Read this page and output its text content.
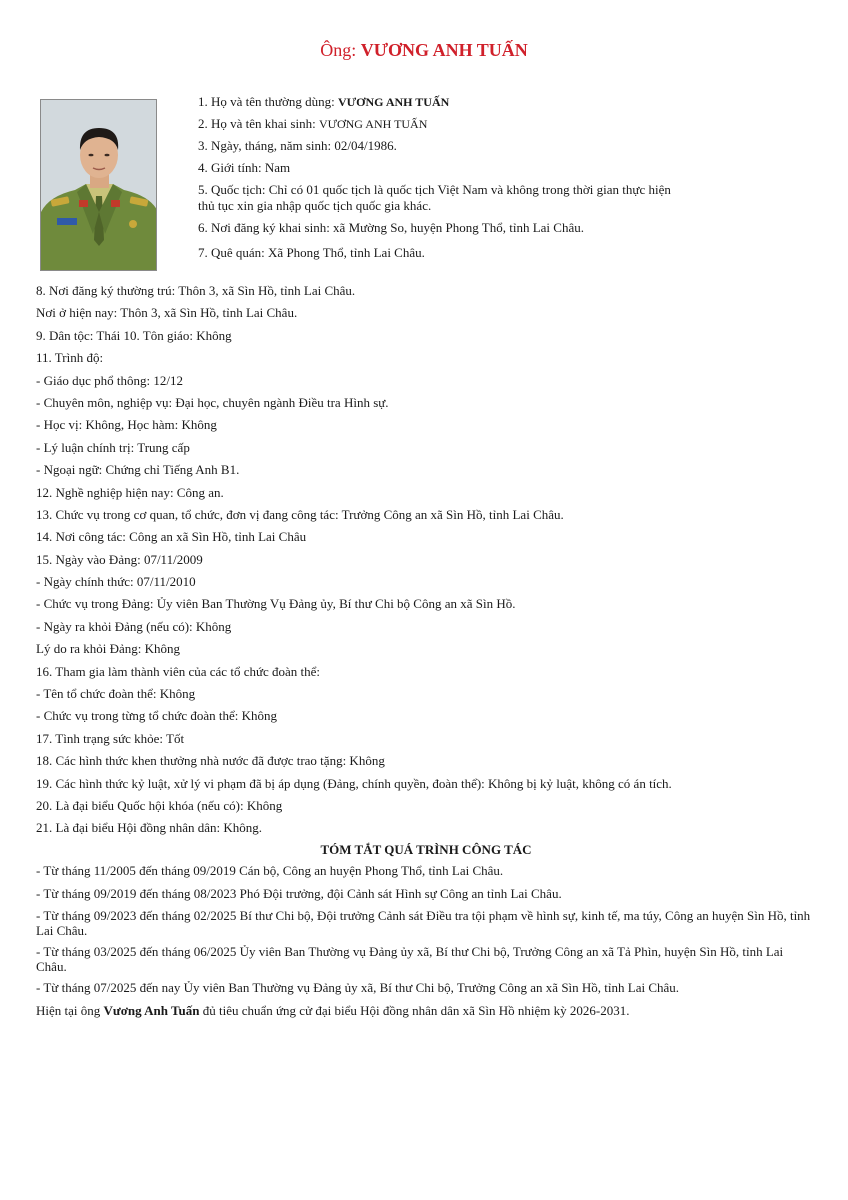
Ông: VƯƠNG ANH TUẤN
1. Họ và tên thường dùng: VƯƠNG ANH TUẤN
2. Họ và tên khai sinh: VƯƠNG ANH TUẤN
3. Ngày, tháng, năm sinh: 02/04/1986.
4. Giới tính: Nam
5. Quốc tịch: Chỉ có 01 quốc tịch là quốc tịch Việt Nam và không trong thời gian thực hiện
thủ tục xin gia nhập quốc tịch quốc gia khác.
6. Nơi đăng ký khai sinh: xã Mường So, huyện Phong Thổ, tỉnh Lai Châu.
7. Quê quán: Xã Phong Thổ, tỉnh Lai Châu.
8. Nơi đăng ký thường trú: Thôn 3, xã Sìn Hồ, tỉnh Lai Châu.
Nơi ở hiện nay: Thôn 3, xã Sìn Hồ, tỉnh Lai Châu.
9. Dân tộc: Thái 10. Tôn giáo: Không
11. Trình độ:
- Giáo dục phổ thông: 12/12
- Chuyên môn, nghiệp vụ: Đại học, chuyên ngành Điều tra Hình sự.
- Học vị: Không, Học hàm: Không
- Lý luận chính trị: Trung cấp
- Ngoại ngữ: Chứng chỉ Tiếng Anh B1.
12. Nghề nghiệp hiện nay: Công an.
13. Chức vụ trong cơ quan, tổ chức, đơn vị đang công tác: Trưởng Công an xã Sìn Hồ, tỉnh Lai Châu.
14. Nơi công tác: Công an xã Sìn Hồ, tỉnh Lai Châu
15. Ngày vào Đảng: 07/11/2009
- Ngày chính thức: 07/11/2010
- Chức vụ trong Đảng: Ủy viên Ban Thường Vụ Đảng ủy, Bí thư Chi bộ Công an xã Sìn Hồ.
- Ngày ra khỏi Đảng (nếu có): Không
Lý do ra khỏi Đảng: Không
16. Tham gia làm thành viên của các tổ chức đoàn thể:
- Tên tổ chức đoàn thể: Không
- Chức vụ trong từng tổ chức đoàn thể: Không
17. Tình trạng sức khỏe: Tốt
18. Các hình thức khen thưởng nhà nước đã được trao tặng: Không
19. Các hình thức kỷ luật, xử lý vi phạm đã bị áp dụng (Đảng, chính quyền, đoàn thể): Không bị kỷ luật, không có án tích.
20. Là đại biểu Quốc hội khóa (nếu có): Không
21. Là đại biểu Hội đồng nhân dân: Không.
TÓM TẮT QUÁ TRÌNH CÔNG TÁC
- Từ tháng 11/2005 đến tháng 09/2019 Cán bộ, Công an huyện Phong Thổ, tỉnh Lai Châu.
- Từ tháng 09/2019 đến tháng 08/2023 Phó Đội trưởng, đội Cảnh sát Hình sự Công an tỉnh Lai Châu.
- Từ tháng 09/2023 đến tháng 02/2025 Bí thư Chi bộ, Đội trưởng Cảnh sát Điều tra tội phạm về hình sự, kinh tế, ma túy, Công an huyện Sìn Hồ, tỉnh Lai Châu.
- Từ tháng 03/2025 đến tháng 06/2025 Ủy viên Ban Thường vụ Đảng ủy xã, Bí thư Chi bộ, Trưởng Công an xã Tả Phìn, huyện Sìn Hồ, tỉnh Lai Châu.
- Từ tháng 07/2025 đến nay Ủy viên Ban Thường vụ Đảng ủy xã, Bí thư Chi bộ, Trưởng Công an xã Sìn Hồ, tỉnh Lai Châu.
Hiện tại ông Vương Anh Tuấn đủ tiêu chuẩn ứng cử đại biểu Hội đồng nhân dân xã Sìn Hồ nhiệm kỳ 2026-2031.
